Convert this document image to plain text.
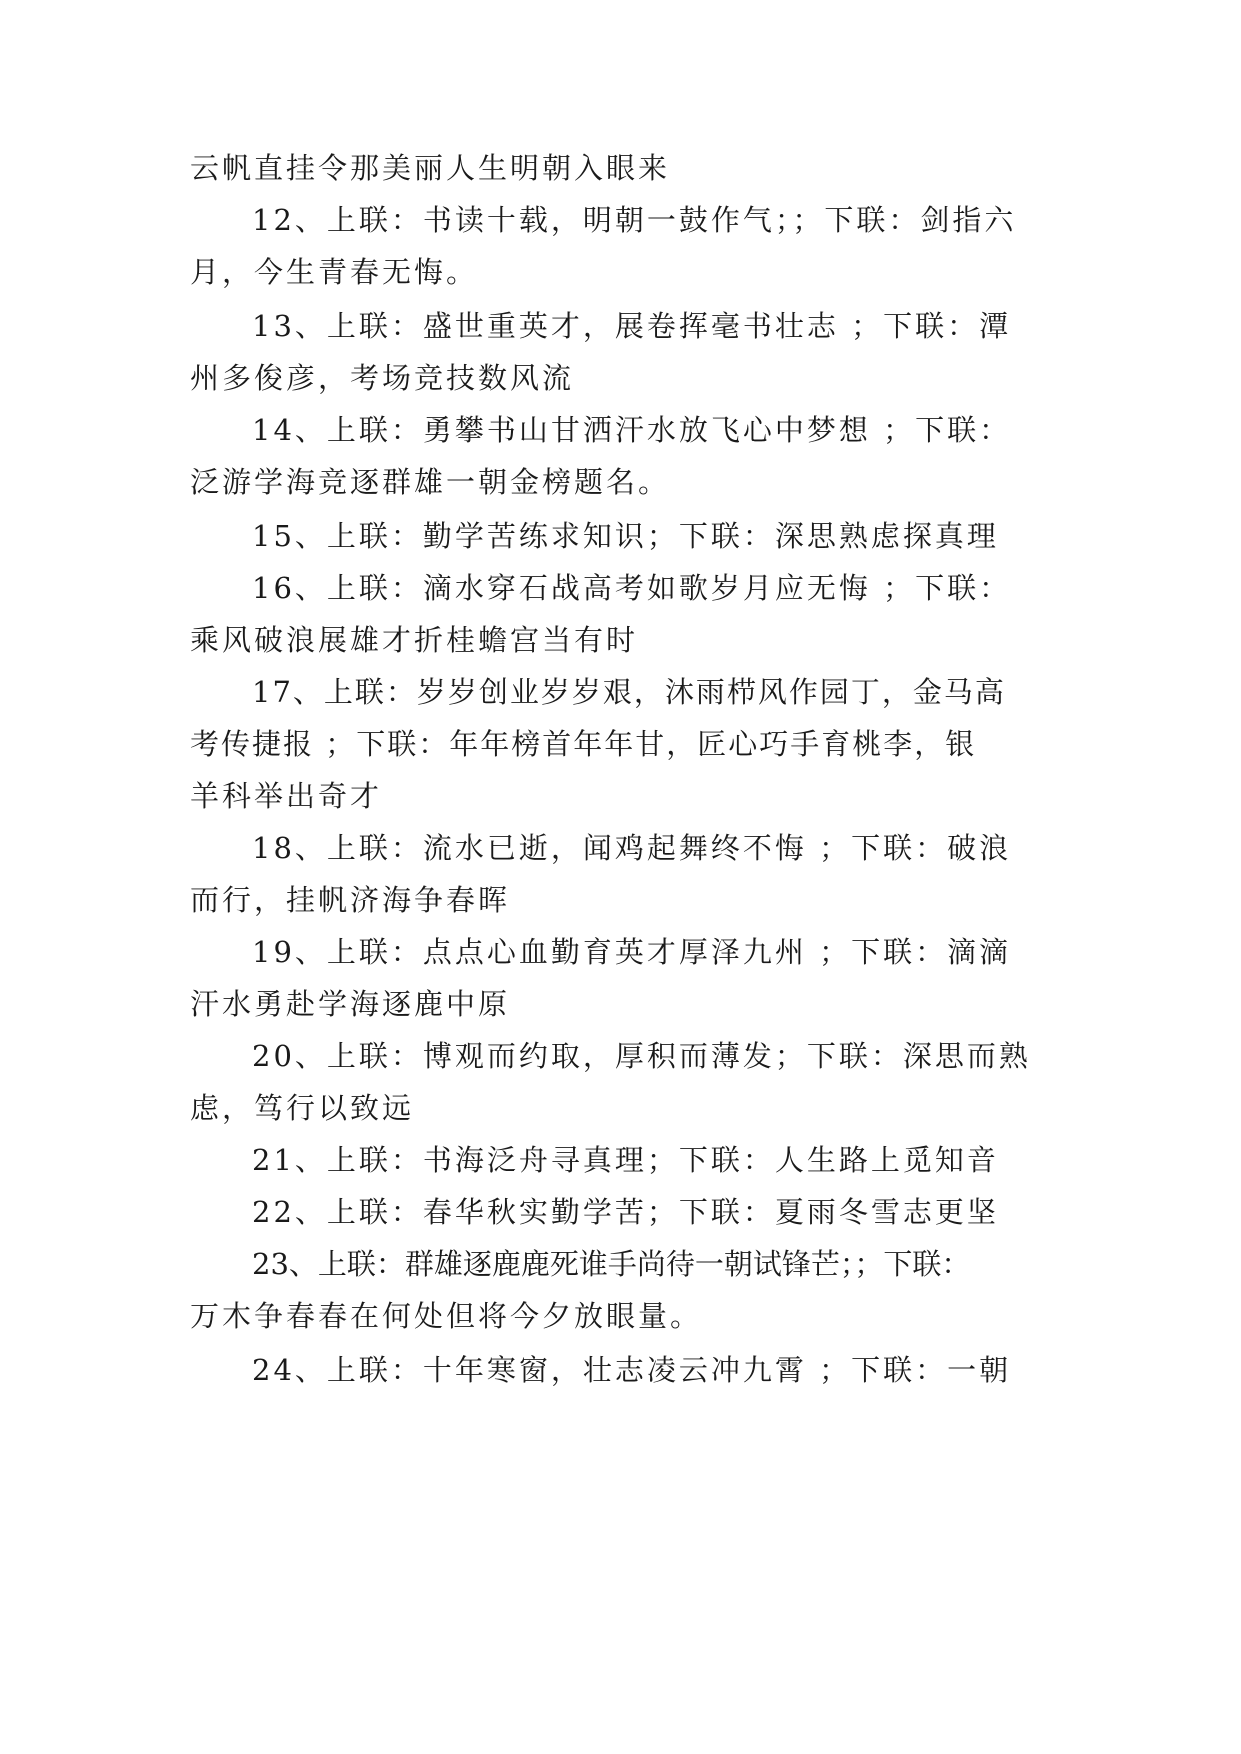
云帆直挂令那美丽人生明朝入眼来
12、上联：书读十载，明朝一鼓作气；；下联：剑指六
月，今生青春无悔。
13、上联：盛世重英才，展卷挥毫书壮志 ；下联：潭
州多俊彦，考场竞技数风流
14、上联：勇攀书山甘洒汗水放飞心中梦想 ；下联：
泛游学海竞逐群雄一朝金榜题名。
15、上联：勤学苦练求知识；下联：深思熟虑探真理
16、上联：滴水穿石战高考如歌岁月应无悔 ；下联：
乘风破浪展雄才折桂蟾宫当有时
17、上联：岁岁创业岁岁艰，沐雨栉风作园丁，金马高
考传捷报 ；下联：年年榜首年年甘，匠心巧手育桃李，银
羊科举出奇才
18、上联：流水已逝，闻鸡起舞终不悔 ；下联：破浪
而行，挂帆济海争春晖
19、上联：点点心血勤育英才厚泽九州 ；下联：滴滴
汗水勇赴学海逐鹿中原
20、上联：博观而约取，厚积而薄发；下联：深思而熟
虑，笃行以致远
21、上联：书海泛舟寻真理；下联：人生路上觅知音
22、上联：春华秋实勤学苦；下联：夏雨冬雪志更坚
23、上联：群雄逐鹿鹿死谁手尚待一朝试锋芒；；下联：
万木争春春在何处但将今夕放眼量。
24、上联：十年寒窗，壮志凌云冲九霄 ；下联：一朝
